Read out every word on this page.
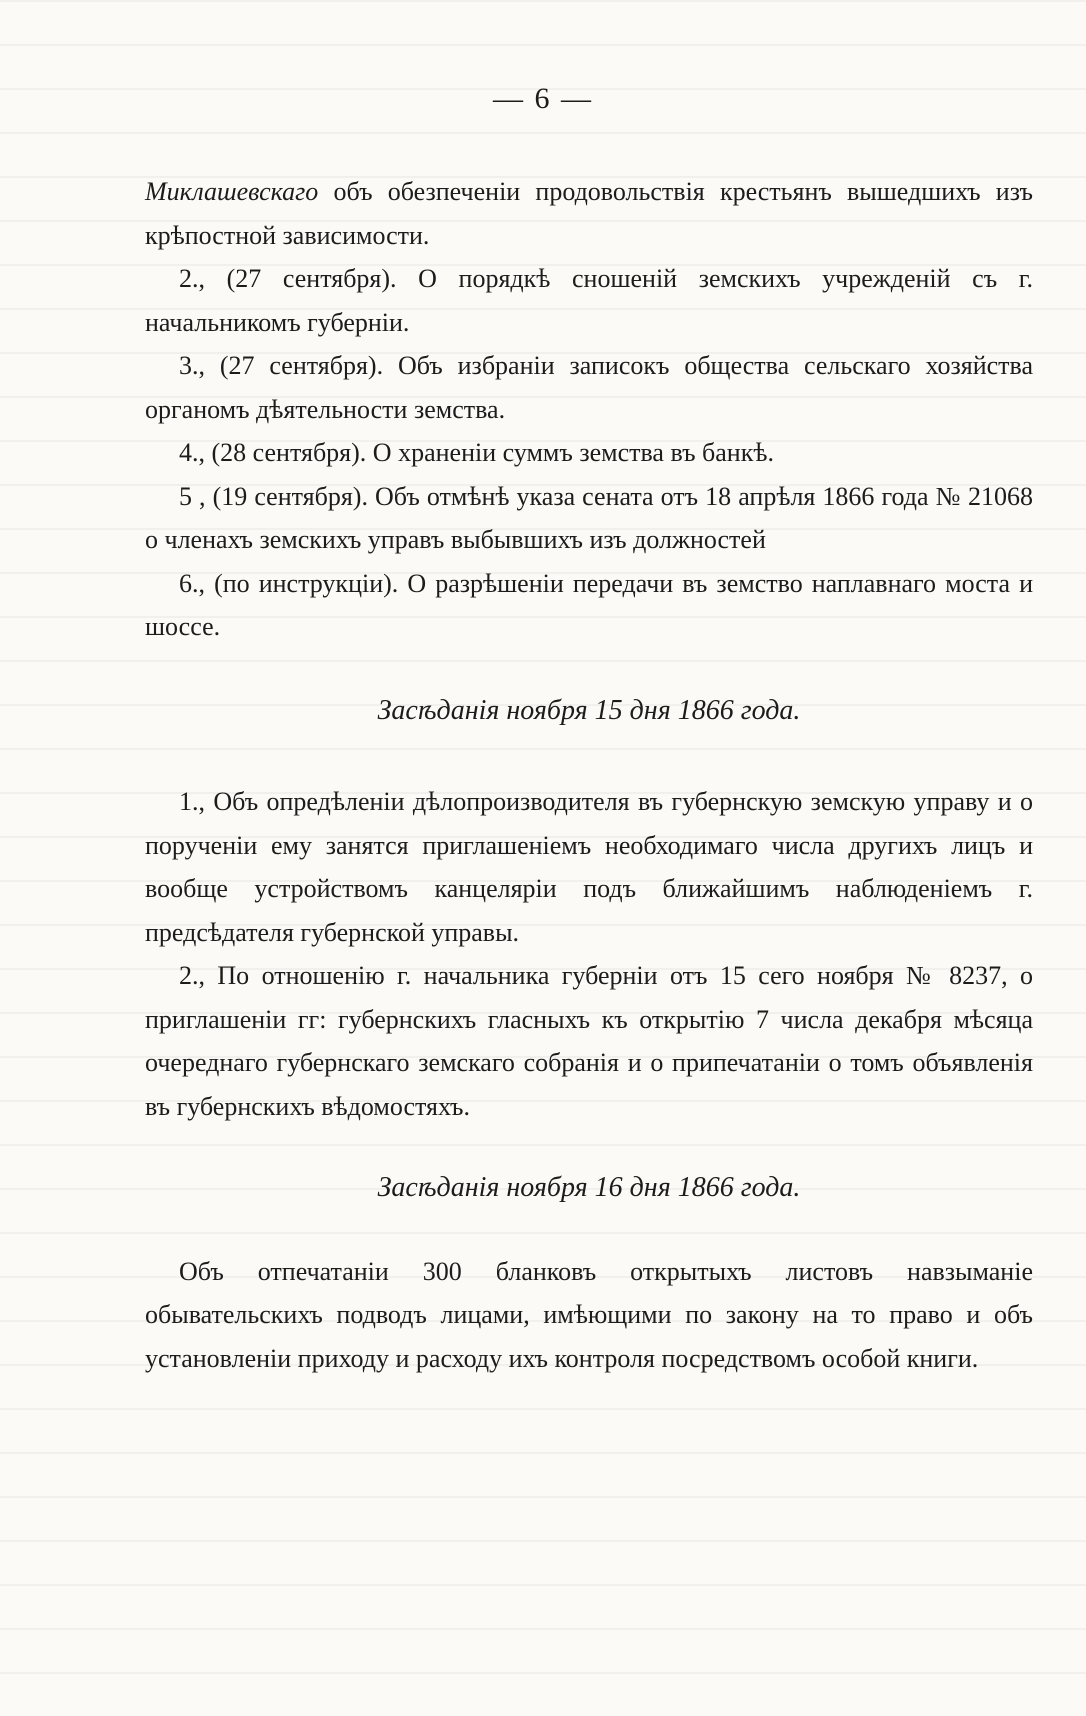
— 6 —

Миклашевскаго объ обезпеченіи продовольствія крестьянъ вышедшихъ изъ крѣпостной зависимости.

2., (27 сентября). О порядкѣ сношеній земскихъ учрежденій съ г. начальникомъ губерніи.

3., (27 сентября). Объ избраніи записокъ общества сельскаго хозяйства органомъ дѣятельности земства.

4., (28 сентября). О храненіи суммъ земства въ банкѣ.

5 , (19 сентября). Объ отмѣнѣ указа сената отъ 18 апрѣля 1866 года № 21068 о членахъ земскихъ управъ выбывшихъ изъ должностей

6., (по инструкціи). О разрѣшеніи передачи въ земство наплавнаго моста и шоссе.

Засѣданія ноября 15 дня 1866 года.

1., Объ опредѣленіи дѣлопроизводителя въ губернскую земскую управу и о порученіи ему занятся приглашеніемъ необходимаго числа другихъ лицъ и вообще устройствомъ канцеляріи подъ ближайшимъ наблюденіемъ г. предсѣдателя губернской управы.

2., По отношенію г. начальника губерніи отъ 15 сего ноября № 8237, о приглашеніи гг: губернскихъ гласныхъ къ открытію 7 числа декабря мѣсяца очереднаго губернскаго земскаго собранія и о припечатаніи о томъ объявленія въ губернскихъ вѣдомостяхъ.

Засѣданія ноября 16 дня 1866 года.

Объ отпечатаніи 300 бланковъ открытыхъ листовъ навзыманіе обывательскихъ подводъ лицами, имѣющими по закону на то право и объ установленіи приходу и расходу ихъ контроля посредствомъ особой книги.
